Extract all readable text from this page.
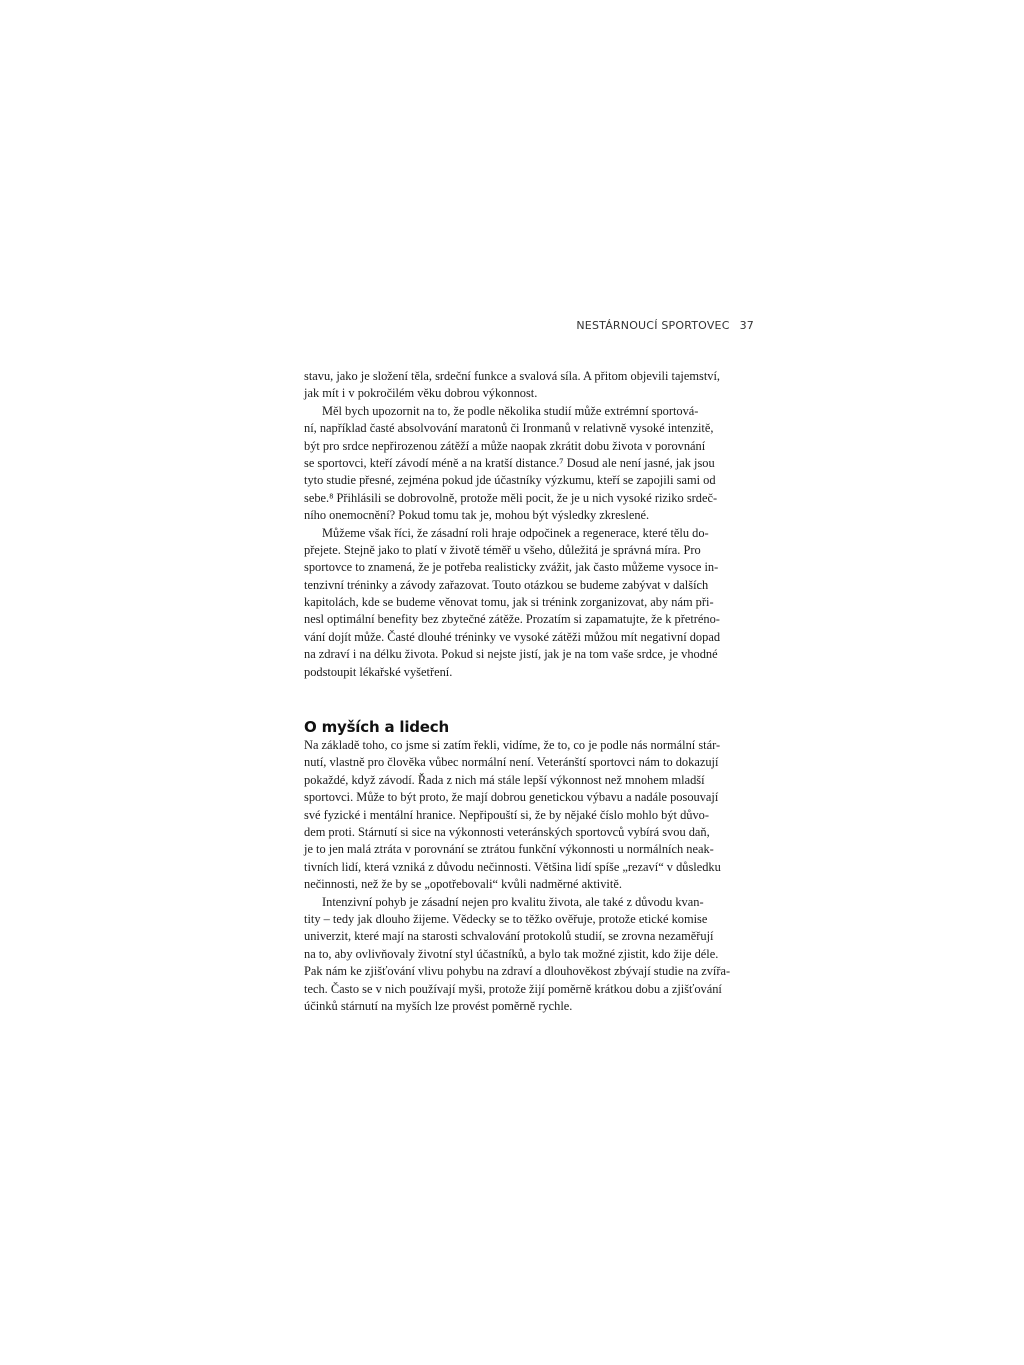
NESTÁRNOUCÍ SPORTOVEC 37

stavu, jako je složení těla, srdeční funkce a svalová síla. A přitom objevili tajemství,
jak mít i v pokročilém věku dobrou výkonnost.

Měl bych upozornit na to, že podle několika studií může extrémní sportová-
ní, například časté absolvování maratonů či Ironmanů v relativně vysoké intenzitě,
být pro srdce nepřirozenou zátěží a může naopak zkrátit dobu života v porovnání
se sportovci, kteří závodí méně a na kratší distance.⁷ Dosud ale není jasné, jak jsou
tyto studie přesné, zejména pokud jde účastníky výzkumu, kteří se zapojili sami od
sebe.⁸ Přihlásili se dobrovolně, protože měli pocit, že je u nich vysoké riziko srdeč-
ního onemocnění? Pokud tomu tak je, mohou být výsledky zkreslené.

Můžeme však říci, že zásadní roli hraje odpočinek a regenerace, které tělu do-
přejete. Stejně jako to platí v životě téměř u všeho, důležitá je správná míra. Pro
sportovce to znamená, že je potřeba realisticky zvážit, jak často můžeme vysoce in-
tenzivní tréninky a závody zařazovat. Touto otázkou se budeme zabývat v dalších
kapitolách, kde se budeme věnovat tomu, jak si trénink zorganizovat, aby nám při-
nesl optimální benefity bez zbytečné zátěže. Prozatím si zapamatujte, že k přetréno-
vání dojít může. Časté dlouhé tréninky ve vysoké zátěži můžou mít negativní dopad
na zdraví i na délku života. Pokud si nejste jistí, jak je na tom vaše srdce, je vhodné
podstoupit lékařské vyšetření.

O myších a lidech

Na základě toho, co jsme si zatím řekli, vidíme, že to, co je podle nás normální stár-
nutí, vlastně pro člověka vůbec normální není. Veteránští sportovci nám to dokazují
pokaždé, když závodí. Řada z nich má stále lepší výkonnost než mnohem mladší
sportovci. Může to být proto, že mají dobrou genetickou výbavu a nadále posouvají
své fyzické i mentální hranice. Nepřipouští si, že by nějaké číslo mohlo být důvo-
dem proti. Stárnutí si sice na výkonnosti veteránských sportovců vybírá svou daň,
je to jen malá ztráta v porovnání se ztrátou funkční výkonnosti u normálních neak-
tivních lidí, která vzniká z důvodu nečinnosti. Většina lidí spíše „rezaví“ v důsledku
nečinnosti, než že by se „opotřebovali“ kvůli nadměrné aktivitě.

Intenzivní pohyb je zásadní nejen pro kvalitu života, ale také z důvodu kvan-
tity – tedy jak dlouho žijeme. Vědecky se to těžko ověřuje, protože etické komise
univerzit, které mají na starosti schvalování protokolů studií, se zrovna nezaměřují
na to, aby ovlivňovaly životní styl účastníků, a bylo tak možné zjistit, kdo žije déle.
Pak nám ke zjišťování vlivu pohybu na zdraví a dlouhověkost zbývají studie na zvířa-
tech. Často se v nich používají myši, protože žijí poměrně krátkou dobu a zjišťování
účinků stárnutí na myších lze provést poměrně rychle.
